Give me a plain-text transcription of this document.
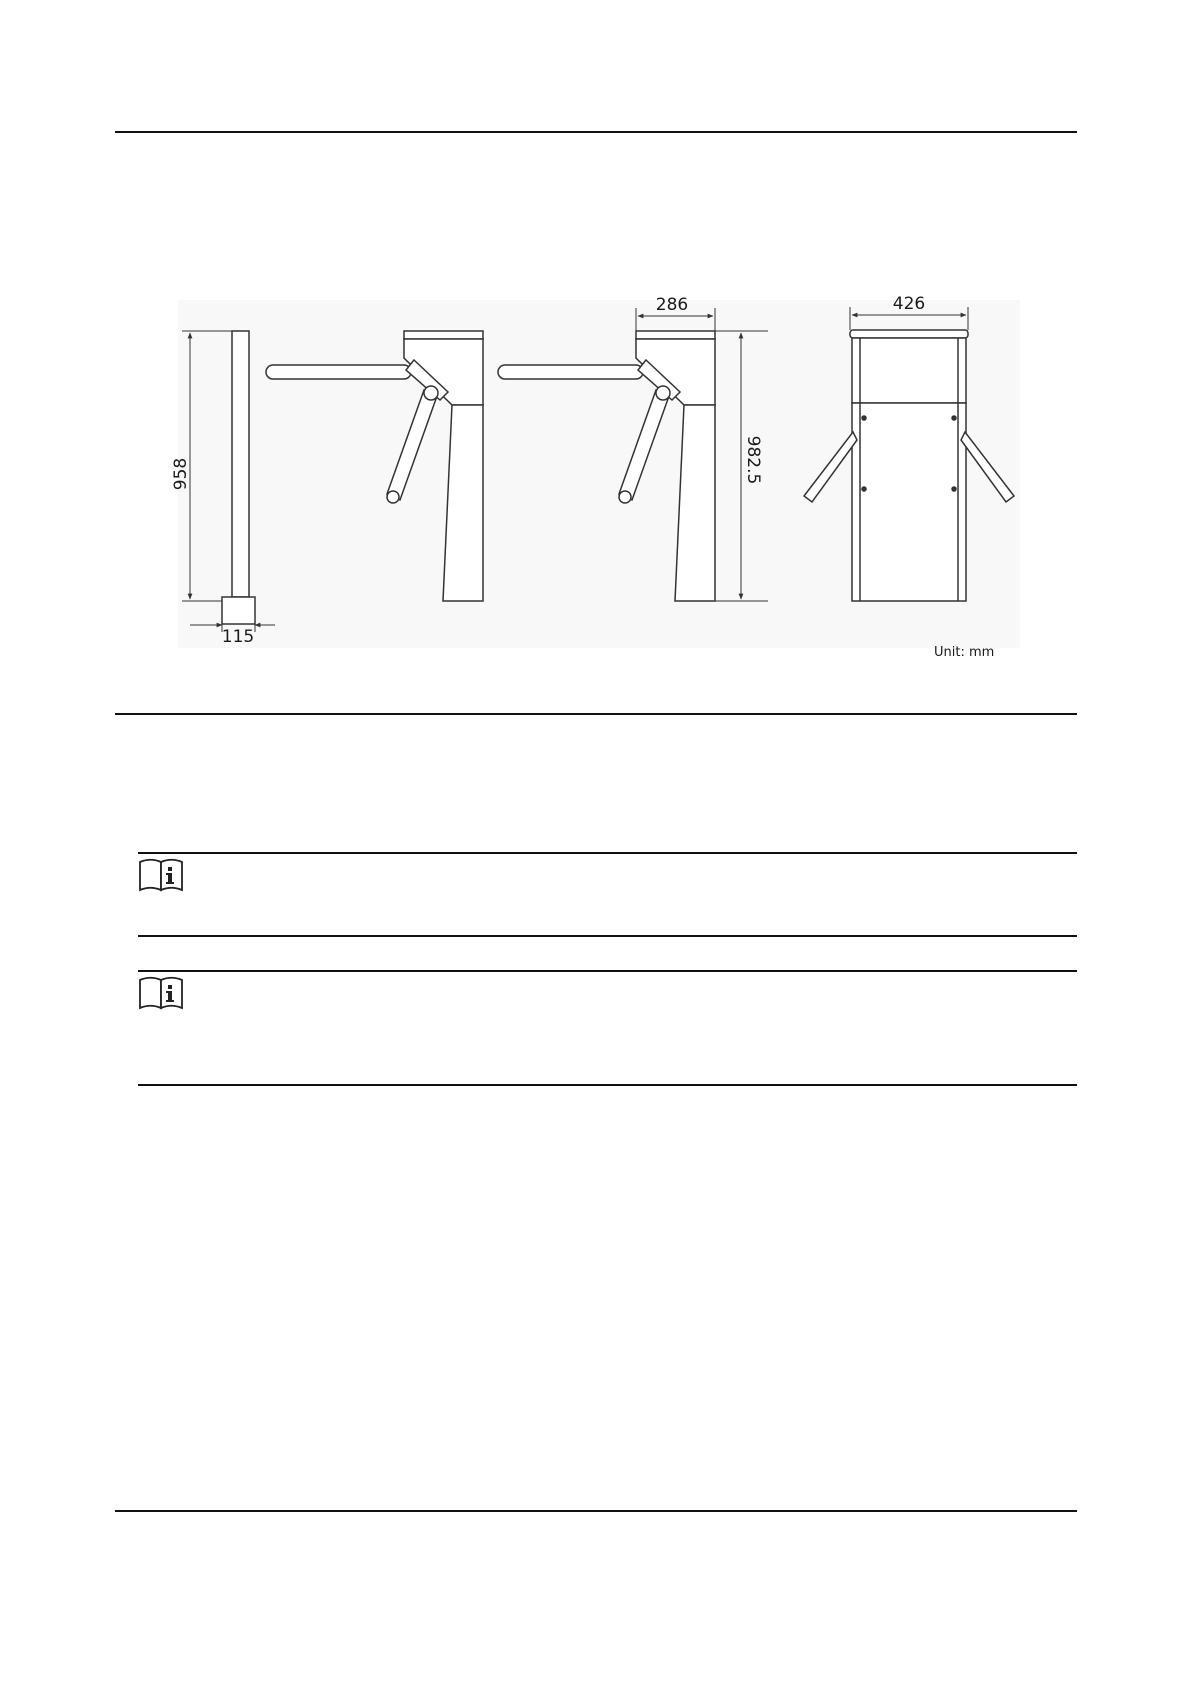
958
115
286
982.5
426
Unit: mm
